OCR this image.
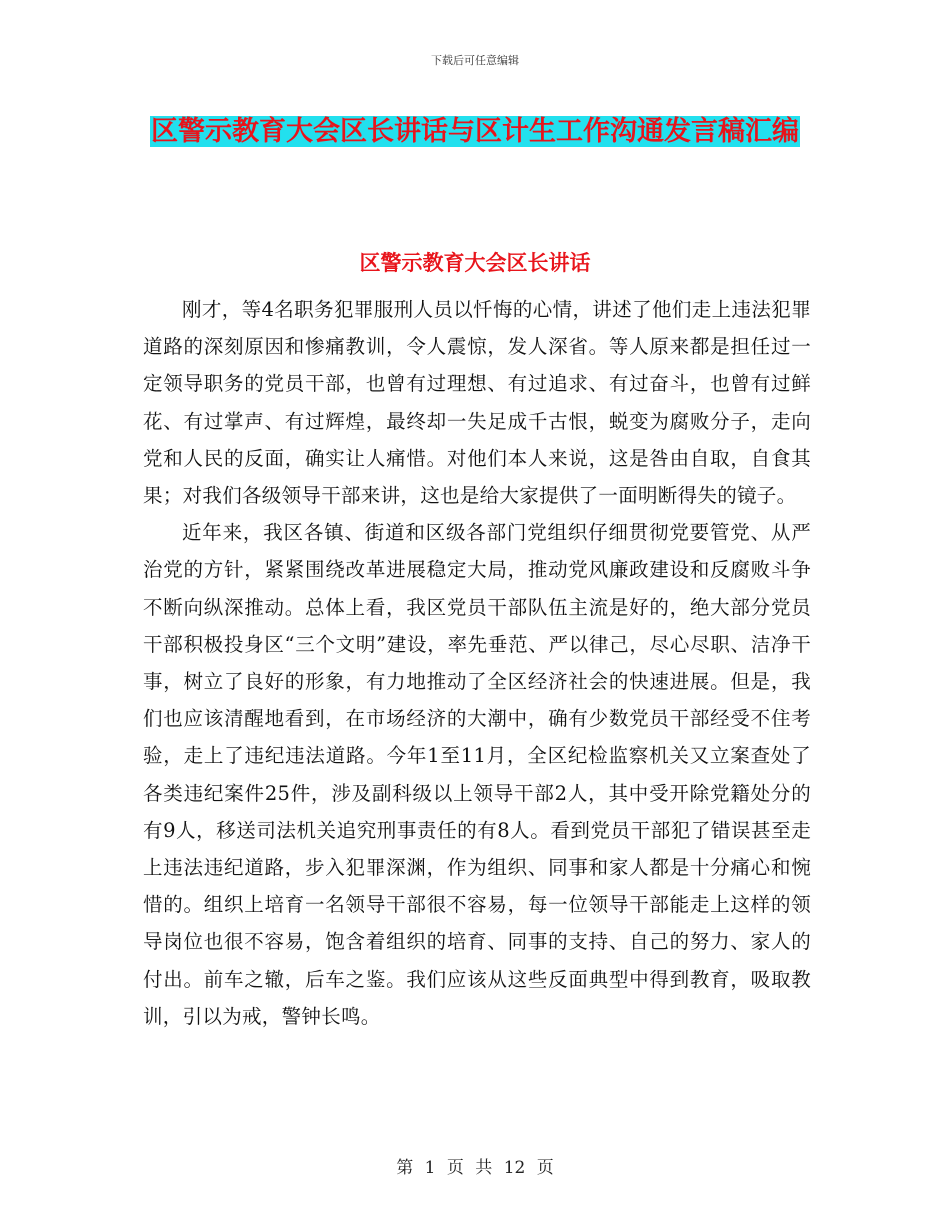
下载后可任意编辑
区警示教育大会区长讲话与区计生工作沟通发言稿汇编
区警示教育大会区长讲话

刚才，等4名职务犯罪服刑人员以忏悔的心情，讲述了他们走上违法犯罪道路的深刻原因和惨痛教训，令人震惊，发人深省。等人原来都是担任过一定领导职务的党员干部，也曾有过理想、有过追求、有过奋斗，也曾有过鲜花、有过掌声、有过辉煌，最终却一失足成千古恨，蜕变为腐败分子，走向党和人民的反面，确实让人痛惜。对他们本人来说，这是咎由自取，自食其果；对我们各级领导干部来讲，这也是给大家提供了一面明断得失的镜子。

近年来，我区各镇、街道和区级各部门党组织仔细贯彻党要管党、从严治党的方针，紧紧围绕改革进展稳定大局，推动党风廉政建设和反腐败斗争不断向纵深推动。总体上看，我区党员干部队伍主流是好的，绝大部分党员干部积极投身区“三个文明”建设，率先垂范、严以律己，尽心尽职、洁净干事，树立了良好的形象，有力地推动了全区经济社会的快速进展。但是，我们也应该清醒地看到，在市场经济的大潮中，确有少数党员干部经受不住考验，走上了违纪违法道路。今年1至11月，全区纪检监察机关又立案查处了各类违纪案件25件，涉及副科级以上领导干部2人，其中受开除党籍处分的有9人，移送司法机关追究刑事责任的有8人。看到党员干部犯了错误甚至走上违法违纪道路，步入犯罪深渊，作为组织、同事和家人都是十分痛心和惋惜的。组织上培育一名领导干部很不容易，每一位领导干部能走上这样的领导岗位也很不容易，饱含着组织的培育、同事的支持、自己的努力、家人的付出。前车之辙，后车之鉴。我们应该从这些反面典型中得到教育，吸取教训，引以为戒，警钟长鸣。

第 1 页 共 12 页
